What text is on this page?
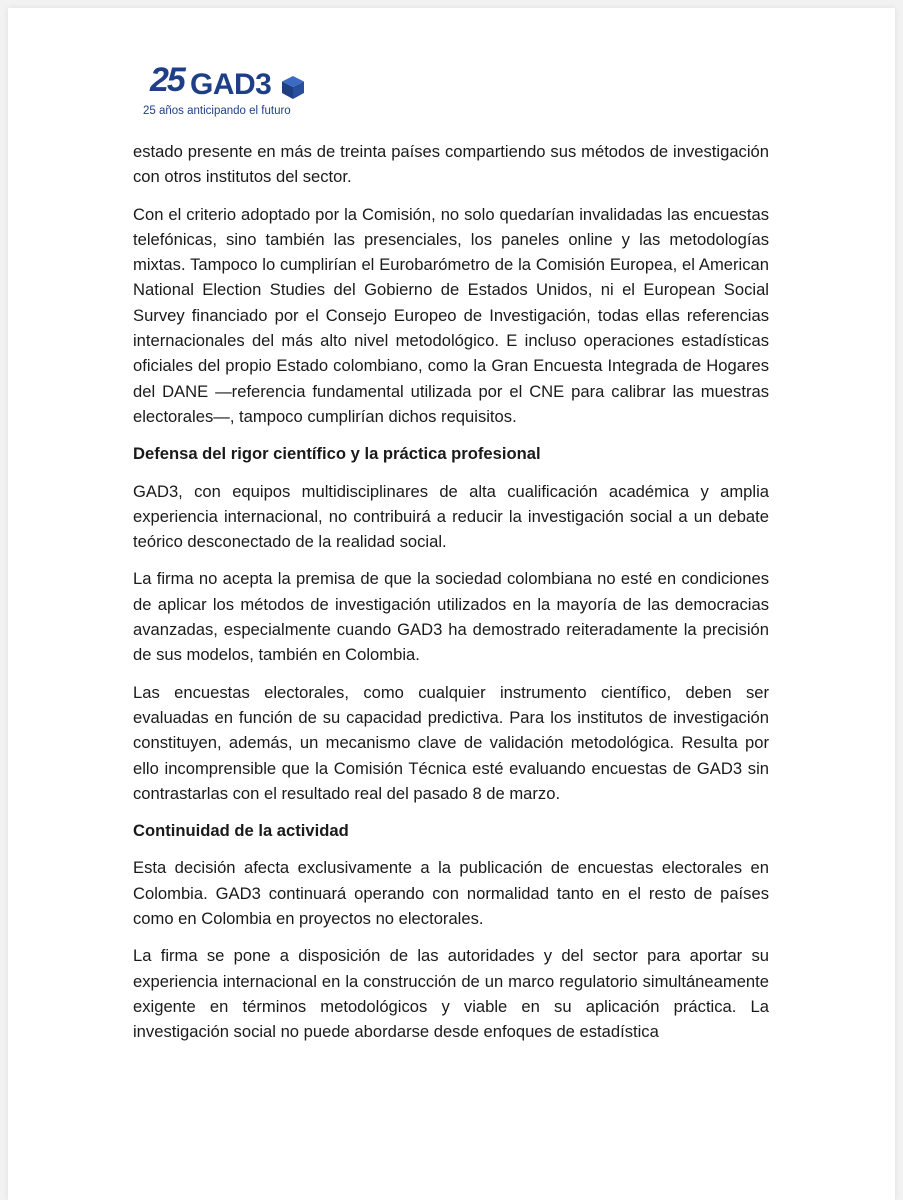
25 GAD3
25 años anticipando el futuro

estado presente en más de treinta países compartiendo sus métodos de investigación con otros institutos del sector.

Con el criterio adoptado por la Comisión, no solo quedarían invalidadas las encuestas telefónicas, sino también las presenciales, los paneles online y las metodologías mixtas. Tampoco lo cumplirían el Eurobarómetro de la Comisión Europea, el American National Election Studies del Gobierno de Estados Unidos, ni el European Social Survey financiado por el Consejo Europeo de Investigación, todas ellas referencias internacionales del más alto nivel metodológico. E incluso operaciones estadísticas oficiales del propio Estado colombiano, como la Gran Encuesta Integrada de Hogares del DANE —referencia fundamental utilizada por el CNE para calibrar las muestras electorales—, tampoco cumplirían dichos requisitos.

Defensa del rigor científico y la práctica profesional

GAD3, con equipos multidisciplinares de alta cualificación académica y amplia experiencia internacional, no contribuirá a reducir la investigación social a un debate teórico desconectado de la realidad social.

La firma no acepta la premisa de que la sociedad colombiana no esté en condiciones de aplicar los métodos de investigación utilizados en la mayoría de las democracias avanzadas, especialmente cuando GAD3 ha demostrado reiteradamente la precisión de sus modelos, también en Colombia.

Las encuestas electorales, como cualquier instrumento científico, deben ser evaluadas en función de su capacidad predictiva. Para los institutos de investigación constituyen, además, un mecanismo clave de validación metodológica. Resulta por ello incomprensible que la Comisión Técnica esté evaluando encuestas de GAD3 sin contrastarlas con el resultado real del pasado 8 de marzo.

Continuidad de la actividad

Esta decisión afecta exclusivamente a la publicación de encuestas electorales en Colombia. GAD3 continuará operando con normalidad tanto en el resto de países como en Colombia en proyectos no electorales.

La firma se pone a disposición de las autoridades y del sector para aportar su experiencia internacional en la construcción de un marco regulatorio simultáneamente exigente en términos metodológicos y viable en su aplicación práctica. La investigación social no puede abordarse desde enfoques de estadística
